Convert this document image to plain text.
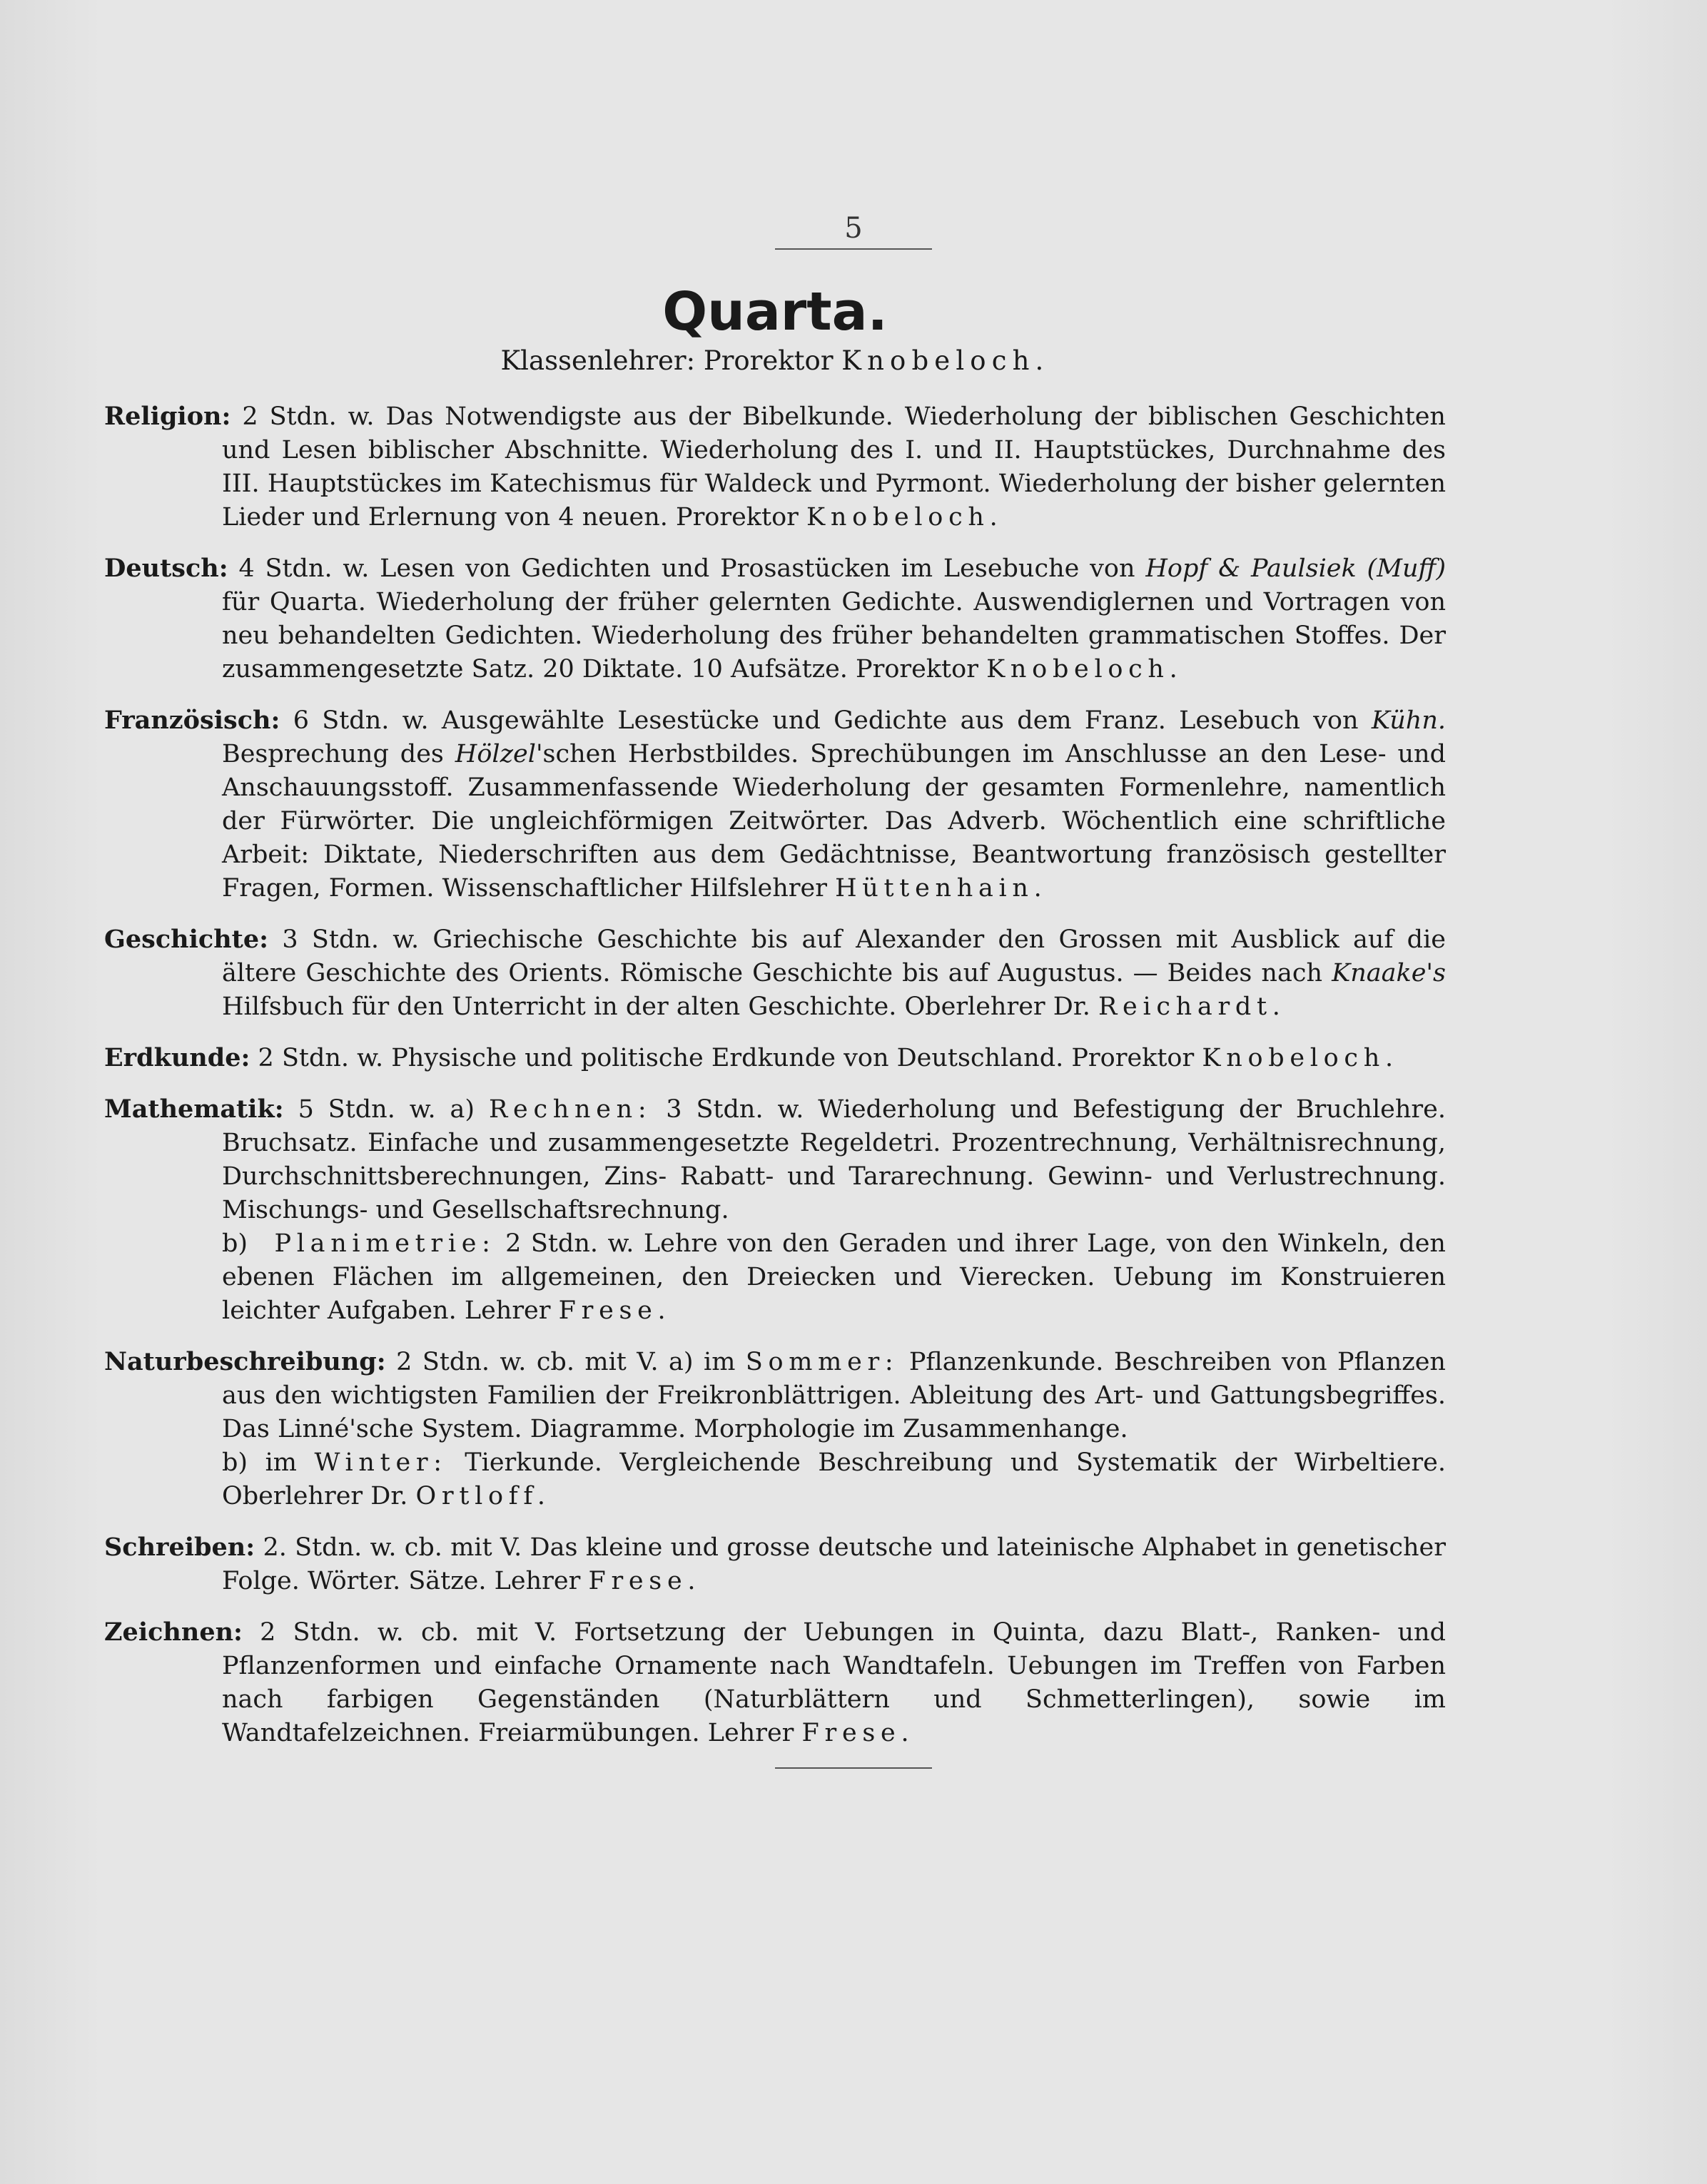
5
Quarta.
Klassenlehrer: Prorektor Knobeloch.
Religion: 2 Stdn. w. Das Notwendigste aus der Bibelkunde. Wiederholung der biblischen Geschichten und Lesen biblischer Abschnitte. Wiederholung des I. und II. Hauptstückes, Durchnahme des III. Hauptstückes im Katechismus für Waldeck und Pyrmont. Wiederholung der bisher gelernten Lieder und Erlernung von 4 neuen. Prorektor Knobeloch.
Deutsch: 4 Stdn. w. Lesen von Gedichten und Prosastücken im Lesebuche von Hopf & Paulsiek (Muff) für Quarta. Wiederholung der früher gelernten Gedichte. Auswendiglernen und Vortragen von neu behandelten Gedichten. Wiederholung des früher behandelten grammatischen Stoffes. Der zusammengesetzte Satz. 20 Diktate. 10 Aufsätze. Prorektor Knobeloch.
Französisch: 6 Stdn. w. Ausgewählte Lesestücke und Gedichte aus dem Franz. Lesebuch von Kühn. Besprechung des Hölzel'schen Herbstbildes. Sprechübungen im Anschlusse an den Lese- und Anschauungsstoff. Zusammenfassende Wiederholung der gesamten Formenlehre, namentlich der Fürwörter. Die ungleichförmigen Zeitwörter. Das Adverb. Wöchentlich eine schriftliche Arbeit: Diktate, Niederschriften aus dem Gedächtnisse, Beantwortung französisch gestellter Fragen, Formen. Wissenschaftlicher Hilfslehrer Hüttenhain.
Geschichte: 3 Stdn. w. Griechische Geschichte bis auf Alexander den Grossen mit Ausblick auf die ältere Geschichte des Orients. Römische Geschichte bis auf Augustus. — Beides nach Knaake's Hilfsbuch für den Unterricht in der alten Geschichte. Oberlehrer Dr. Reichardt.
Erdkunde: 2 Stdn. w. Physische und politische Erdkunde von Deutschland. Prorektor Knobeloch.

Mathematik: 5 Stdn. w. a) Rechnen: 3 Stdn. w. Wiederholung und Befestigung der Bruchlehre. Bruchsatz. Einfache und zusammengesetzte Regeldetri. Prozentrechnung, Verhältnisrechnung, Durchschnittsberechnungen, Zins- Rabatt- und Tararechnung. Gewinn- und Verlustrechnung. Mischungs- und Gesellschaftsrechnung.

b) Planimetrie: 2 Stdn. w. Lehre von den Geraden und ihrer Lage, von den Winkeln, den ebenen Flächen im allgemeinen, den Dreiecken und Vierecken. Uebung im Konstruieren leichter Aufgaben. Lehrer Frese.

Naturbeschreibung: 2 Stdn. w. cb. mit V. a) im Sommer: Pflanzenkunde. Beschreiben von Pflanzen aus den wichtigsten Familien der Freikronblättrigen. Ableitung des Art- und Gattungsbegriffes. Das Linné'sche System. Diagramme. Morphologie im Zusammenhange.

b) im Winter: Tierkunde. Vergleichende Beschreibung und Systematik der Wirbeltiere. Oberlehrer Dr. Ortloff.

Schreiben: 2. Stdn. w. cb. mit V. Das kleine und grosse deutsche und lateinische Alphabet in genetischer Folge. Wörter. Sätze. Lehrer Frese.
Zeichnen: 2 Stdn. w. cb. mit V. Fortsetzung der Uebungen in Quinta, dazu Blatt-, Ranken- und Pflanzenformen und einfache Ornamente nach Wandtafeln. Uebungen im Treffen von Farben nach farbigen Gegenständen (Naturblättern und Schmetterlingen), sowie im Wandtafelzeichnen. Freiarmübungen. Lehrer Frese.
